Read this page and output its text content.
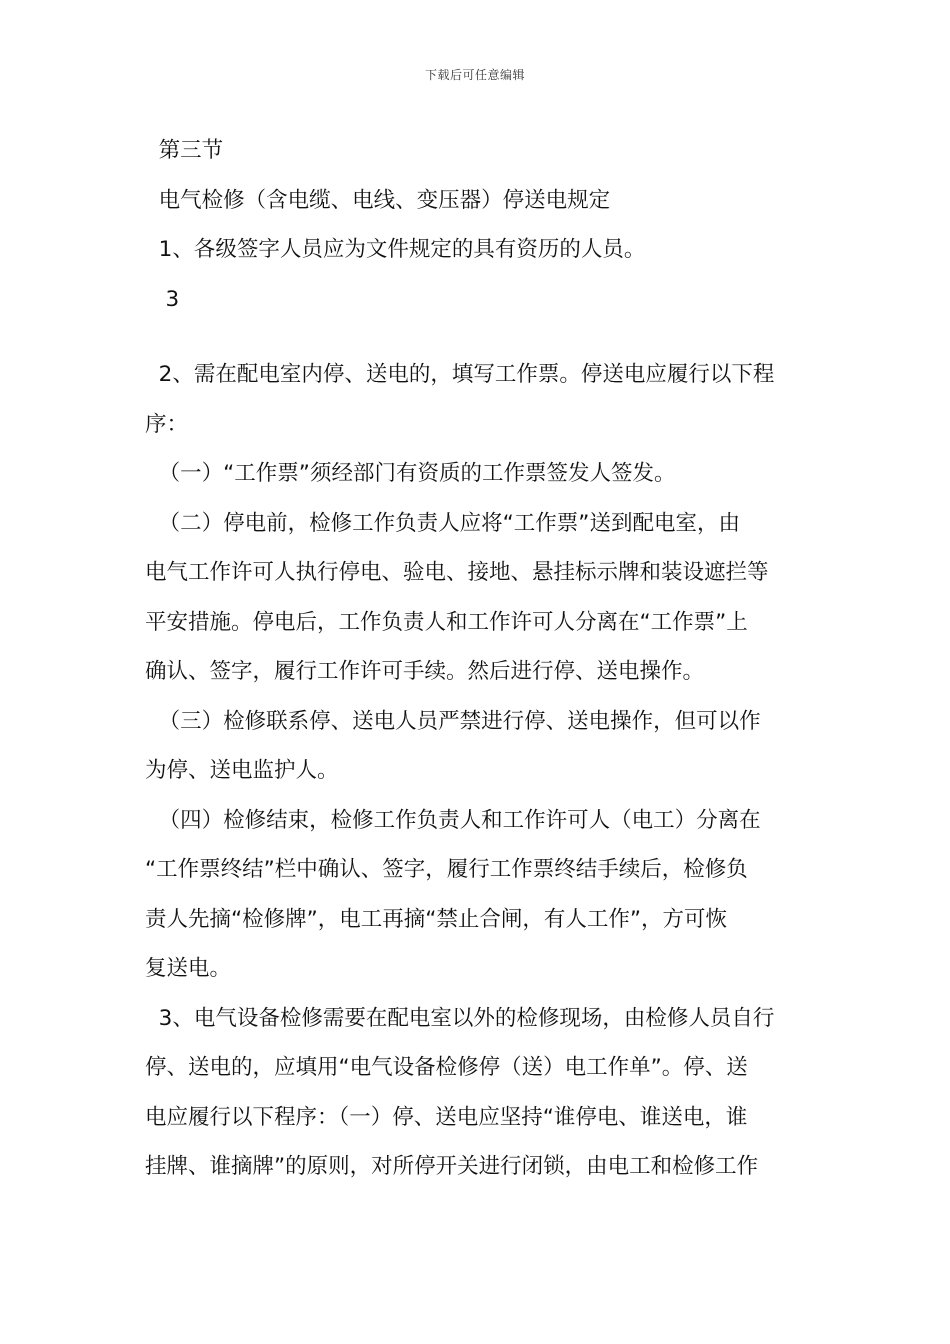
下载后可任意编辑
第三节
电气检修（含电缆、电线、变压器）停送电规定
1、各级签字人员应为文件规定的具有资历的人员。
3
2、需在配电室内停、送电的，填写工作票。停送电应履行以下程
序：
（一）“工作票”须经部门有资质的工作票签发人签发。
（二）停电前，检修工作负责人应将“工作票”送到配电室，由
电气工作许可人执行停电、验电、接地、悬挂标示牌和装设遮拦等
平安措施。停电后，工作负责人和工作许可人分离在“工作票”上
确认、签字，履行工作许可手续。然后进行停、送电操作。
（三）检修联系停、送电人员严禁进行停、送电操作，但可以作
为停、送电监护人。
（四）检修结束，检修工作负责人和工作许可人（电工）分离在
“工作票终结”栏中确认、签字，履行工作票终结手续后，检修负
责人先摘“检修牌”，电工再摘“禁止合闸，有人工作”，方可恢
复送电。
3、电气设备检修需要在配电室以外的检修现场，由检修人员自行
停、送电的，应填用“电气设备检修停（送）电工作单”。停、送
电应履行以下程序：（一）停、送电应坚持“谁停电、谁送电，谁
挂牌、谁摘牌”的原则，对所停开关进行闭锁，由电工和检修工作
